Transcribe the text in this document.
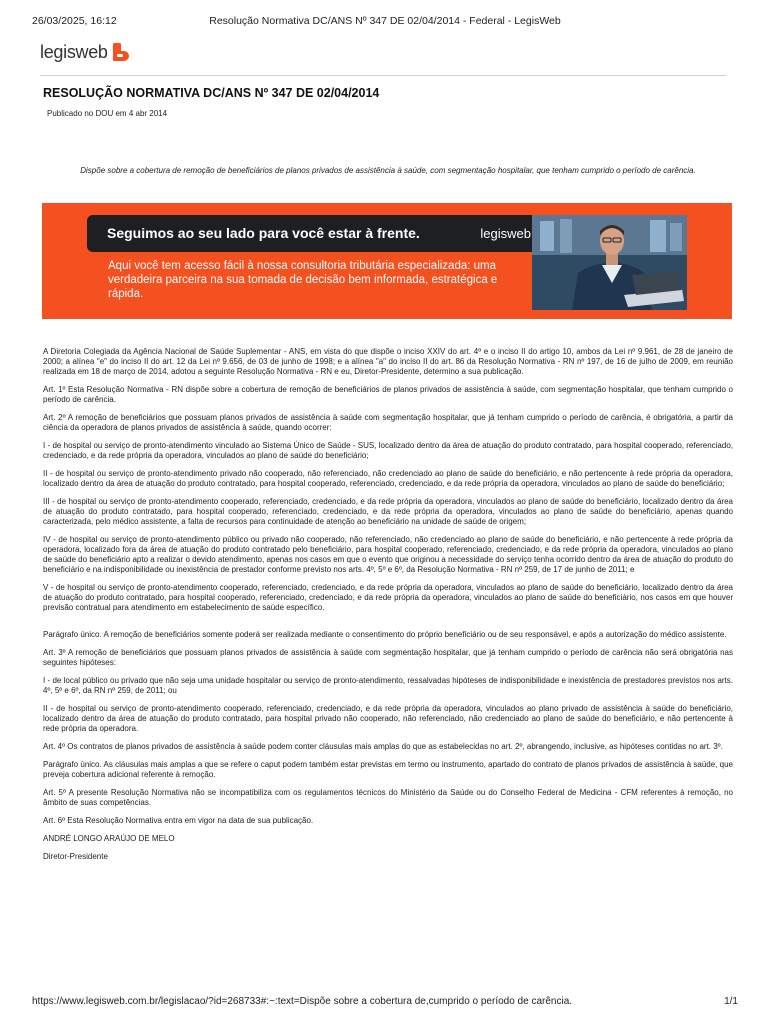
26/03/2025, 16:12	Resolução Normativa DC/ANS Nº 347 DE 02/04/2014 - Federal - LegisWeb
legisweb
RESOLUÇÃO NORMATIVA DC/ANS Nº 347 DE 02/04/2014
Publicado no DOU em 4 abr 2014

Dispõe sobre a cobertura de remoção de beneficiários de planos privados de assistência à saúde, com segmentação hospitalar, que tenham cumprido o período de carência.

Seguimos ao seu lado para você estar à frente.	legisweb

Aqui você tem acesso fácil à nossa consultoria tributária especializada: uma verdadeira parceira na sua tomada de decisão bem informada, estratégica e rápida.

A Diretoria Colegiada da Agência Nacional de Saúde Suplementar - ANS, em vista do que dispõe o inciso XXIV do art. 4º e o inciso II do artigo 10, ambos da Lei nº 9.961, de 28 de janeiro de 2000; a alínea "e" do inciso II do art. 12 da Lei nº 9.656, de 03 de junho de 1998; e a alínea "a" do inciso II do art. 86 da Resolução Normativa - RN nº 197, de 16 de julho de 2009, em reunião realizada em 18 de março de 2014, adotou a seguinte Resolução Normativa - RN e eu, Diretor-Presidente, determino a sua publicação.

Art. 1º Esta Resolução Normativa - RN dispõe sobre a cobertura de remoção de beneficiários de planos privados de assistência à saúde, com segmentação hospitalar, que tenham cumprido o período de carência.

Art. 2º A remoção de beneficiários que possuam planos privados de assistência à saúde com segmentação hospitalar, que já tenham cumprido o período de carência, é obrigatória, a partir da ciência da operadora de planos privados de assistência à saúde, quando ocorrer:

I - de hospital ou serviço de pronto-atendimento vinculado ao Sistema Único de Saúde - SUS, localizado dentro da área de atuação do produto contratado, para hospital cooperado, referenciado, credenciado, e da rede própria da operadora, vinculados ao plano de saúde do beneficiário;

II - de hospital ou serviço de pronto-atendimento privado não cooperado, não referenciado, não credenciado ao plano de saúde do beneficiário, e não pertencente à rede própria da operadora, localizado dentro da área de atuação do produto contratado, para hospital cooperado, referenciado, credenciado, e da rede própria da operadora, vinculados ao plano de saúde do beneficiário;

III - de hospital ou serviço de pronto-atendimento cooperado, referenciado, credenciado, e da rede própria da operadora, vinculados ao plano de saúde do beneficiário, localizado dentro da área de atuação do produto contratado, para hospital cooperado, referenciado, credenciado, e da rede própria da operadora, vinculados ao plano de saúde do beneficiário, apenas quando caracterizada, pelo médico assistente, a falta de recursos para continuidade de atenção ao beneficiário na unidade de saúde de origem;

IV - de hospital ou serviço de pronto-atendimento público ou privado não cooperado, não referenciado, não credenciado ao plano de saúde do beneficiário, e não pertencente à rede própria da operadora, localizado fora da área de atuação do produto contratado pelo beneficiário, para hospital cooperado, referenciado, credenciado, e da rede própria da operadora, vinculados ao plano de saúde do beneficiário apto a realizar o devido atendimento, apenas nos casos em que o evento que originou a necessidade do serviço tenha ocorrido dentro da área de atuação do produto do beneficiário e na indisponibilidade ou inexistência de prestador conforme previsto nos arts. 4º, 5º e 6º, da Resolução Normativa - RN nº 259, de 17 de junho de 2011; e

V - de hospital ou serviço de pronto-atendimento cooperado, referenciado, credenciado, e da rede própria da operadora, vinculados ao plano de saúde do beneficiário, localizado dentro da área de atuação do produto contratado, para hospital cooperado, referenciado, credenciado, e da rede própria da operadora, vinculados ao plano de saúde do beneficiário, nos casos em que houver previsão contratual para atendimento em estabelecimento de saúde específico.

Parágrafo único. A remoção de beneficiários somente poderá ser realizada mediante o consentimento do próprio beneficiário ou de seu responsável, e após a autorização do médico assistente.

Art. 3º A remoção de beneficiários que possuam planos privados de assistência à saúde com segmentação hospitalar, que já tenham cumprido o período de carência não será obrigatória nas seguintes hipóteses:

I - de local público ou privado que não seja uma unidade hospitalar ou serviço de pronto-atendimento, ressalvadas hipóteses de indisponibilidade e inexistência de prestadores previstos nos arts. 4º, 5º e 6º, da RN nº 259, de 2011; ou

II - de hospital ou serviço de pronto-atendimento cooperado, referenciado, credenciado, e da rede própria da operadora, vinculados ao plano privado de assistência à saúde do beneficiário, localizado dentro da área de atuação do produto contratado, para hospital privado não cooperado, não referenciado, não credenciado ao plano de saúde do beneficiário, e não pertencente à rede própria da operadora.

Art. 4º Os contratos de planos privados de assistência à saúde podem conter cláusulas mais amplas do que as estabelecidas no art. 2º, abrangendo, inclusive, as hipóteses contidas no art. 3º.

Parágrafo único. As cláusulas mais amplas a que se refere o caput podem também estar previstas em termo ou instrumento, apartado do contrato de planos privados de assistência à saúde, que preveja cobertura adicional referente à remoção.

Art. 5º A presente Resolução Normativa não se incompatibiliza com os regulamentos técnicos do Ministério da Saúde ou do Conselho Federal de Medicina - CFM referentes à remoção, no âmbito de suas competências.

Art. 6º Esta Resolução Normativa entra em vigor na data de sua publicação.

ANDRÉ LONGO ARAÚJO DE MELO

Diretor-Presidente

https://www.legisweb.com.br/legislacao/?id=268733#:~:text=Dispõe sobre a cobertura de,cumprido o período de carência.	1/1
